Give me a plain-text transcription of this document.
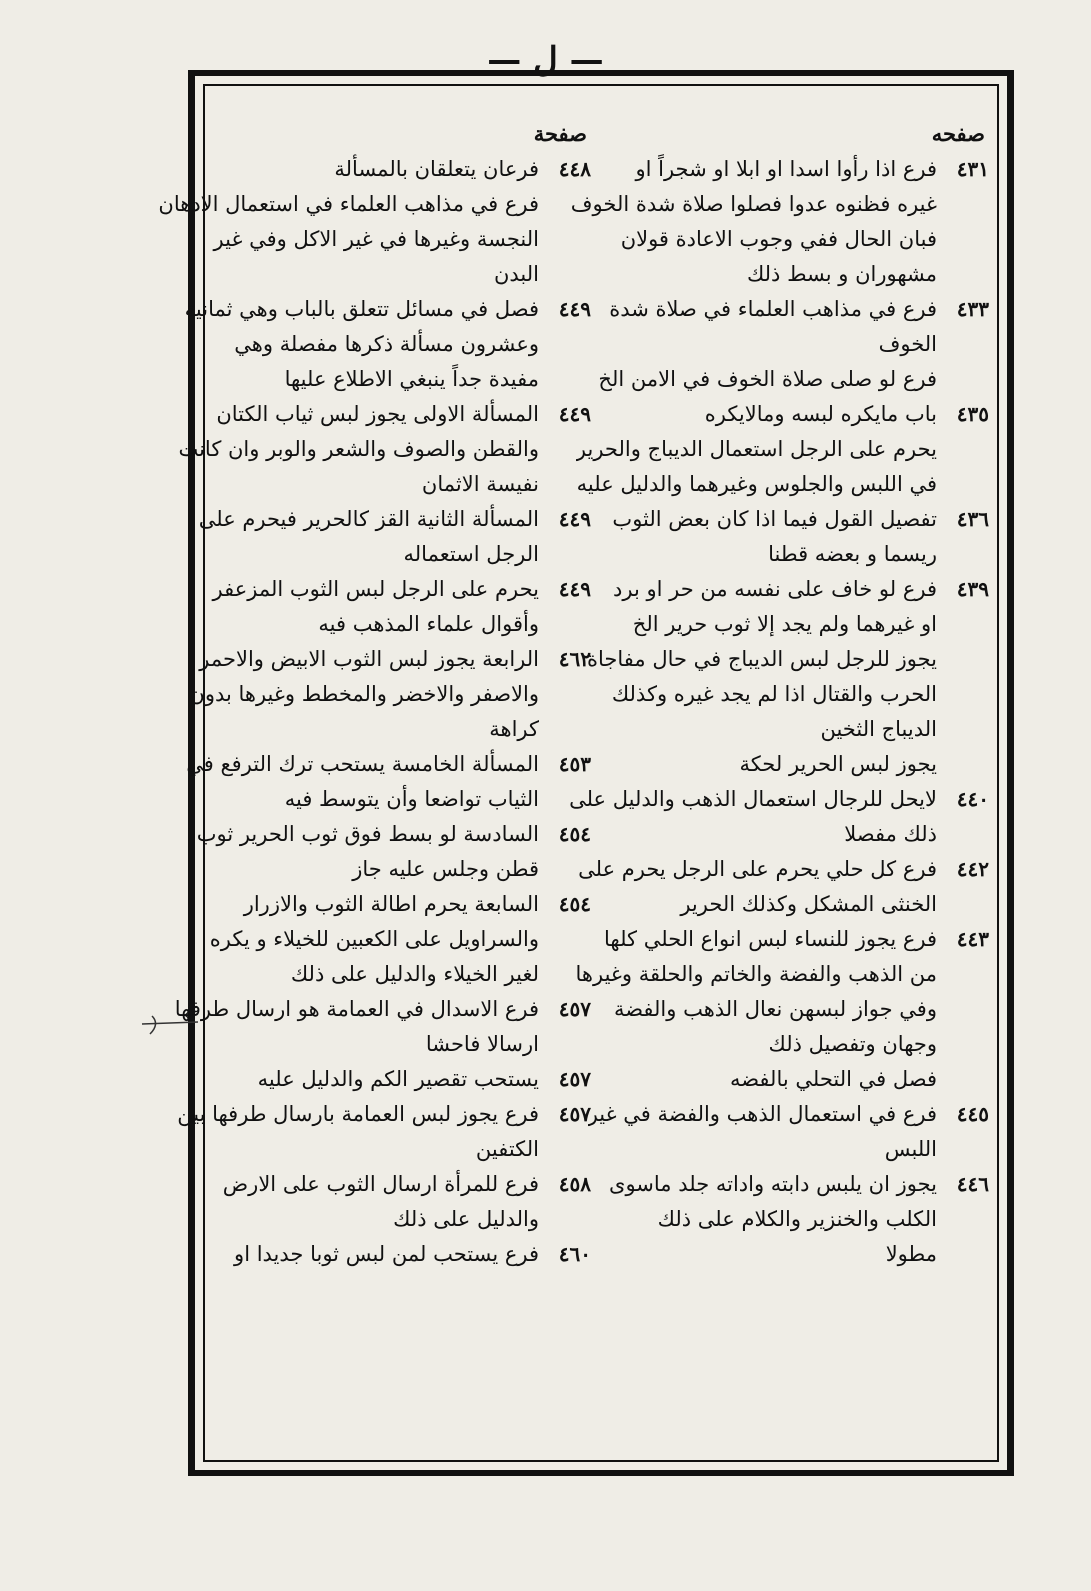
— ل —
صفحه
٤٣١
فرع اذا رأوا اسدا او ابلا او شجراً او
غيره فظنوه عدوا فصلوا صلاة شدة الخوف
فبان الحال ففي وجوب الاعادة قولان
مشهوران و بسط ذلك
٤٣٣
فرع في مذاهب العلماء في صلاة شدة
الخوف
فرع لو صلى صلاة الخوف في الامن الخ
٤٣٥
باب مايكره لبسه ومالايكره
يحرم على الرجل استعمال الديباج والحرير
في اللبس والجلوس وغيرهما والدليل عليه
٤٣٦
تفصيل القول فيما اذا كان بعض الثوب
ريسما و بعضه قطنا
٤٣٩
فرع لو خاف على نفسه من حر او برد
او غيرهما ولم يجد إلا ثوب حرير الخ
يجوز للرجل لبس الديباج في حال مفاجاة
الحرب والقتال اذا لم يجد غيره وكذلك
الديباج الثخين
يجوز لبس الحرير لحكة
٤٤٠
لايحل للرجال استعمال الذهب والدليل على
ذلك مفصلا
٤٤٢
فرع كل حلي يحرم على الرجل يحرم على
الخنثى المشكل وكذلك الحرير
٤٤٣
فرع يجوز للنساء لبس انواع الحلي كلها
من الذهب والفضة والخاتم والحلقة وغيرها
وفي جواز لبسهن نعال الذهب والفضة
وجهان وتفصيل ذلك
فصل في التحلي بالفضه
٤٤٥
فرع في استعمال الذهب والفضة في غير
اللبس
٤٤٦
يجوز ان يلبس دابته واداته جلد ماسوى
الكلب والخنزير والكلام على ذلك
مطولا
صفحة
٤٤٨
فرعان يتعلقان بالمسألة
فرع في مذاهب العلماء في استعمال الادهان
النجسة وغيرها في غير الاكل وفي غير
البدن
٤٤٩
فصل في مسائل تتعلق بالباب وهي ثمانية
وعشرون مسألة ذكرها مفصلة وهي
مفيدة جداً ينبغي الاطلاع عليها
٤٤٩
المسألة الاولى يجوز لبس ثياب الكتان
والقطن والصوف والشعر والوبر وان كانت
نفيسة الاثمان
٤٤٩
المسألة الثانية القز كالحرير فيحرم على
الرجل استعماله
٤٤٩
يحرم على الرجل لبس الثوب المزعفر
وأقوال علماء المذهب فيه
٤٦٢
الرابعة يجوز لبس الثوب الابيض والاحمر
والاصفر والاخضر والمخطط وغيرها بدون
كراهة
٤٥٣
المسألة الخامسة يستحب ترك الترفع في
الثياب تواضعا وأن يتوسط فيه
٤٥٤
السادسة لو بسط فوق ثوب الحرير ثوب
قطن وجلس عليه جاز
٤٥٤
السابعة يحرم اطالة الثوب والازرار
والسراويل على الكعبين للخيلاء و يكره
لغير الخيلاء والدليل على ذلك
٤٥٧
فرع الاسدال في العمامة هو ارسال طرفها
ارسالا فاحشا
٤٥٧
يستحب تقصير الكم والدليل عليه
٤٥٧
فرع يجوز لبس العمامة بارسال طرفها بين
الكتفين
٤٥٨
فرع للمرأة ارسال الثوب على الارض
والدليل على ذلك
٤٦٠
فرع يستحب لمن لبس ثوبا جديدا او
